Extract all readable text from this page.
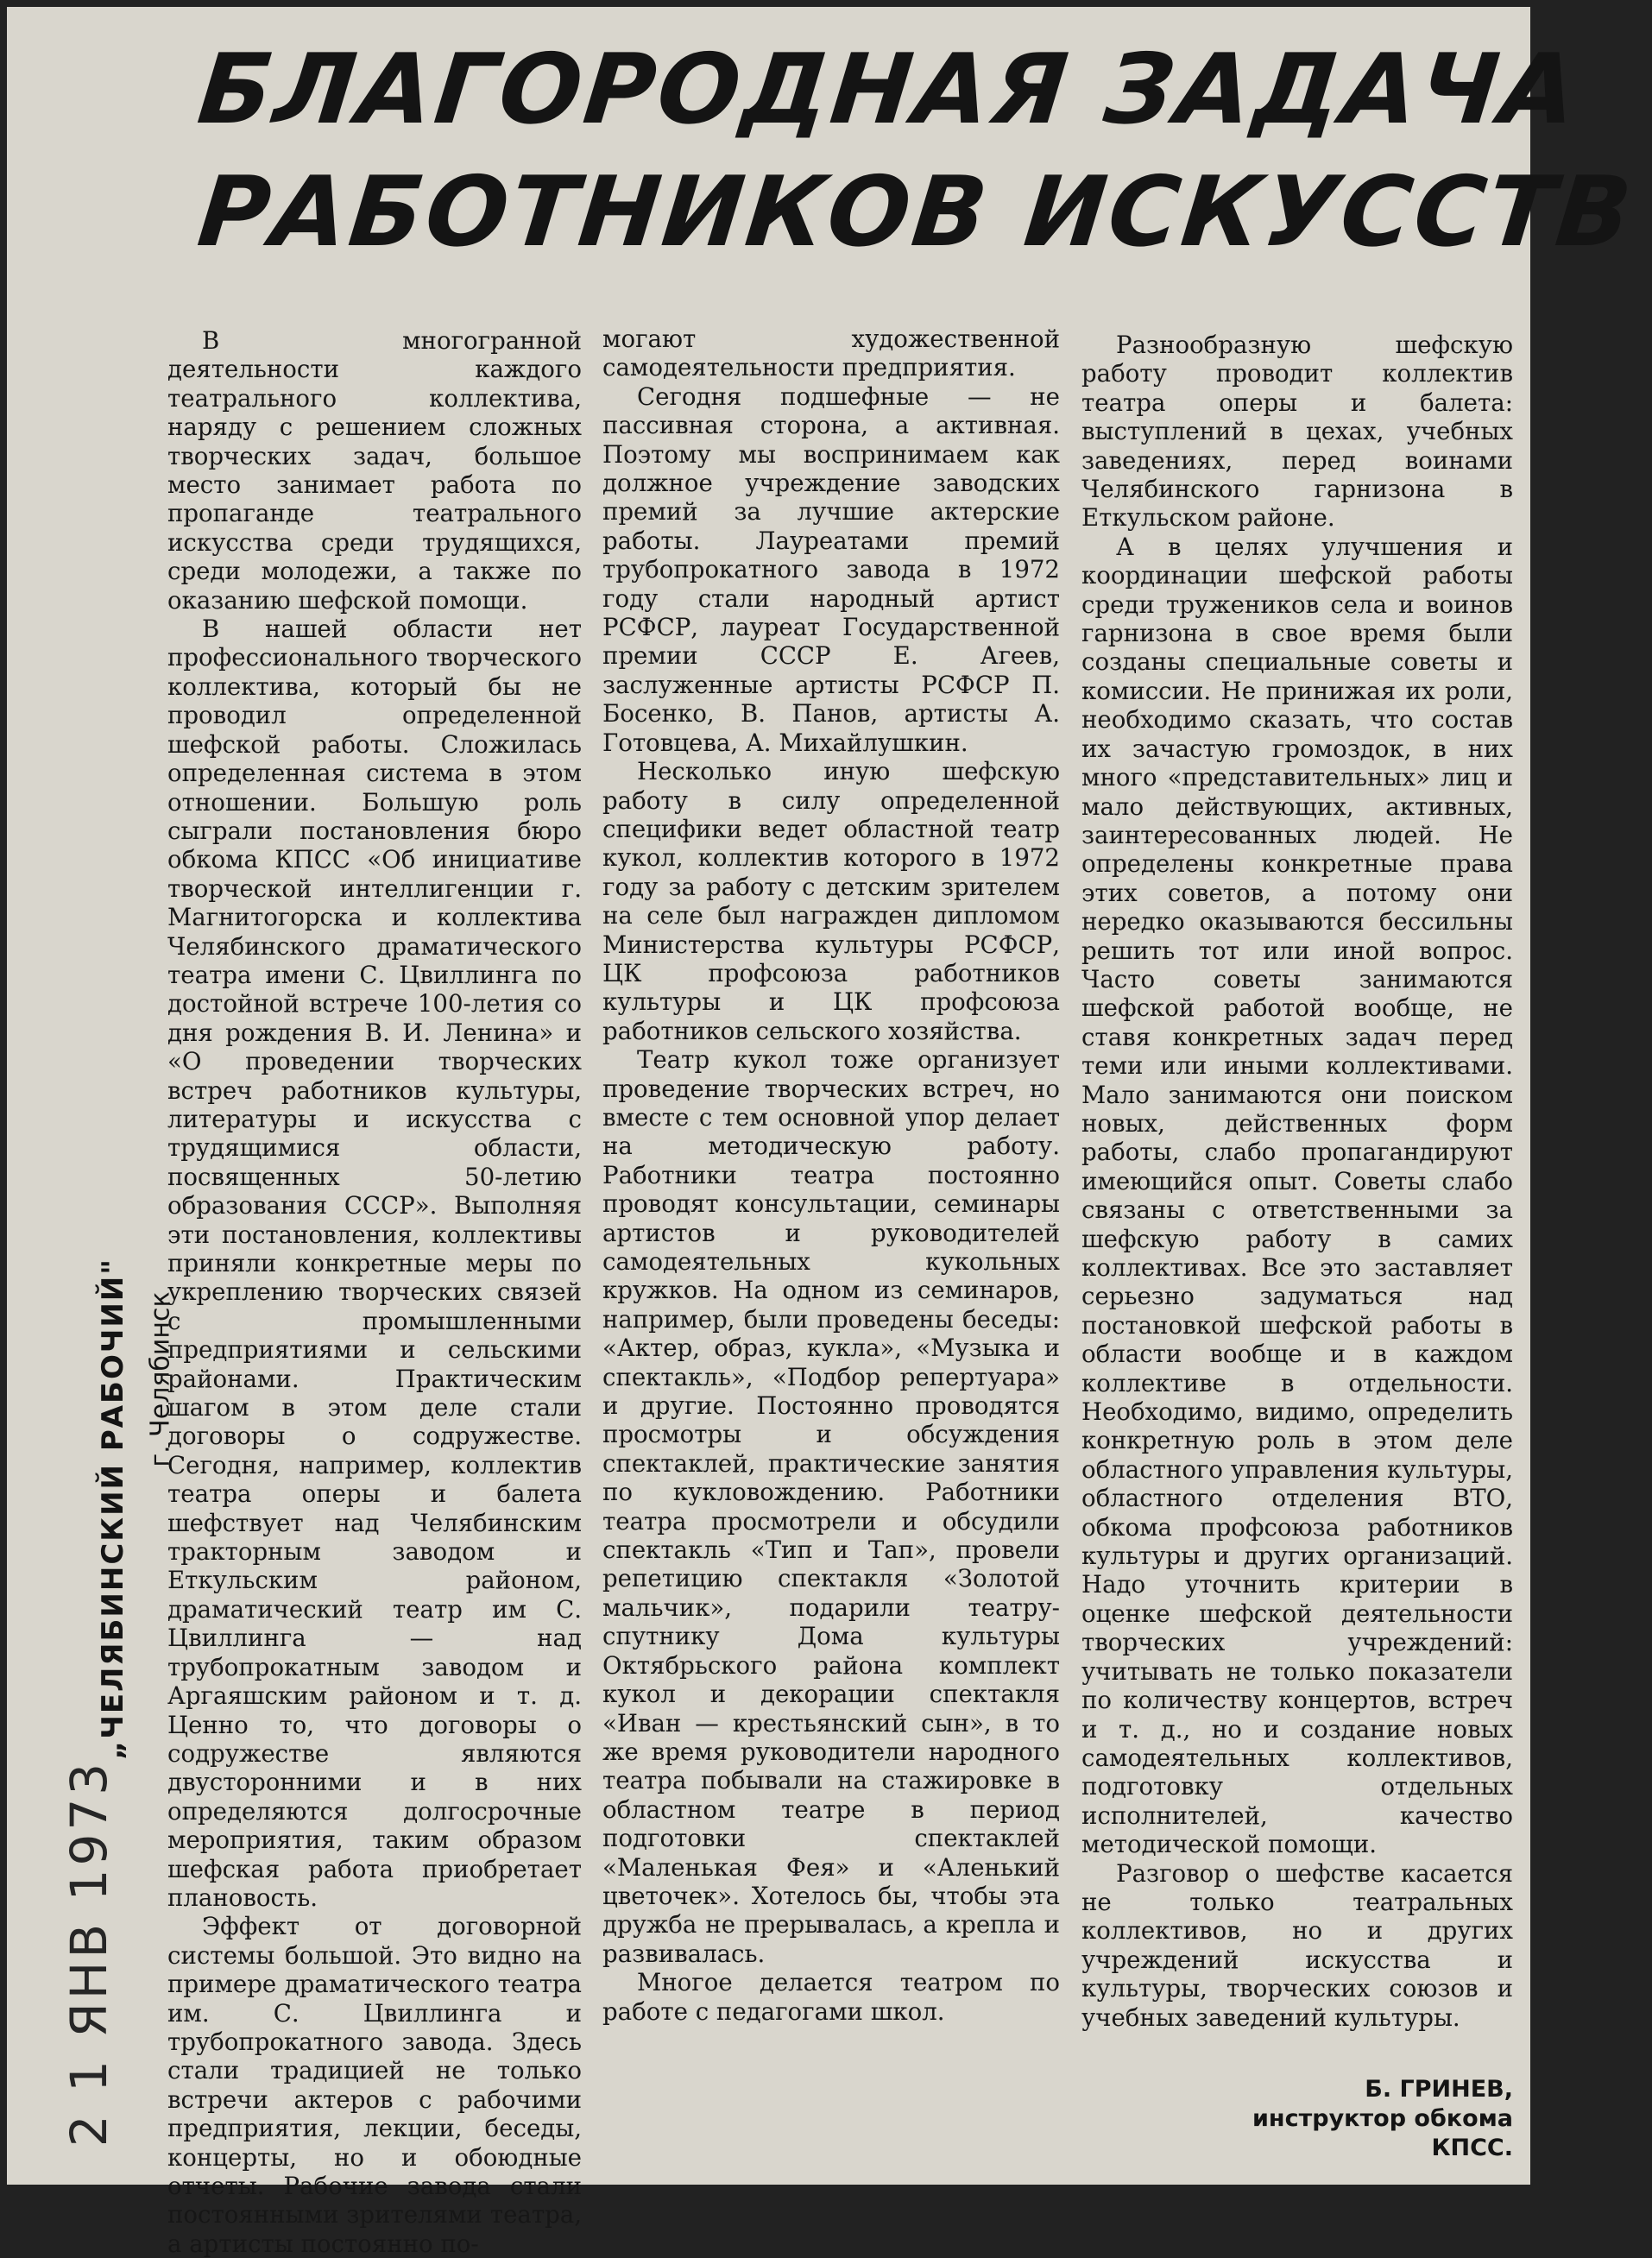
БЛАГОРОДНАЯ ЗАДАЧА
РАБОТНИКОВ ИСКУССТВ
„ЧЕЛЯБИНСКИЙ РАБОЧИЙ" г. Челябинск
2 1 ЯНВ 1973

В многогранной деятельности каждого театрального коллектива, наряду с решением сложных творческих задач, большое место занимает работа по пропаганде театрального искусства среди трудящихся, среди молодежи, а также по оказанию шефской помощи.

В нашей области нет профессионального творческого коллектива, который бы не проводил определенной шефской работы. Сложилась определенная система в этом отношении. Большую роль сыграли постановления бюро обкома КПСС «Об инициативе творческой интеллигенции г. Магнитогорска и коллектива Челябинского драматического театра имени С. Цвиллинга по достойной встрече 100-летия со дня рождения В. И. Ленина» и «О проведении творческих встреч работников культуры, литературы и искусства с трудящимися области, посвященных 50-летию образования СССР». Выполняя эти постановления, коллективы приняли конкретные меры по укреплению творческих связей с промышленными предприятиями и сельскими районами. Практическим шагом в этом деле стали договоры о содружестве. Сегодня, например, коллектив театра оперы и балета шефствует над Челябинским тракторным заводом и Еткульским районом, драматический театр им С. Цвиллинга — над трубопрокатным заводом и Аргаяшским районом и т. д. Ценно то, что договоры о содружестве являются двусторонними и в них определяются долгосрочные мероприятия, таким образом шефская работа приобретает плановость.

Эффект от договорной системы большой. Это видно на примере драматического театра им. С. Цвиллинга и трубопрокатного завода. Здесь стали традицией не только встречи актеров с рабочими предприятия, лекции, беседы, концерты, но и обоюдные отчеты. Рабочие завода стали постоянными зрителями театра, а артисты постоянно по-

могают художественной самодеятельности предприятия.

Сегодня подшефные — не пассивная сторона, а активная. Поэтому мы воспринимаем как должное учреждение заводских премий за лучшие актерские работы. Лауреатами премий трубопрокатного завода в 1972 году стали народный артист РСФСР, лауреат Государственной премии СССР Е. Агеев, заслуженные артисты РСФСР П. Босенко, В. Панов, артисты А. Готовцева, А. Михайлушкин.

Несколько иную шефскую работу в силу определенной специфики ведет областной театр кукол, коллектив которого в 1972 году за работу с детским зрителем на селе был награжден дипломом Министерства культуры РСФСР, ЦК профсоюза работников культуры и ЦК профсоюза работников сельского хозяйства.

Театр кукол тоже организует проведение творческих встреч, но вместе с тем основной упор делает на методическую работу. Работники театра постоянно проводят консультации, семинары артистов и руководителей самодеятельных кукольных кружков. На одном из семинаров, например, были проведены беседы: «Актер, образ, кукла», «Музыка и спектакль», «Подбор репертуара» и другие. Постоянно проводятся просмотры и обсуждения спектаклей, практические занятия по кукловождению. Работники театра просмотрели и обсудили спектакль «Тип и Тап», провели репетицию спектакля «Золотой мальчик», подарили театру-спутнику Дома культуры Октябрьского района комплект кукол и декорации спектакля «Иван — крестьянский сын», в то же время руководители народного театра побывали на стажировке в областном театре в период подготовки спектаклей «Маленькая Фея» и «Аленький цветочек». Хотелось бы, чтобы эта дружба не прерывалась, а крепла и развивалась.

Многое делается театром по работе с педагогами школ.

Разнообразную шефскую работу проводит коллектив театра оперы и балета: выступлений в цехах, учебных заведениях, перед воинами Челябинского гарнизона в Еткульском районе.

А в целях улучшения и координации шефской работы среди тружеников села и воинов гарнизона в свое время были созданы специальные советы и комиссии. Не принижая их роли, необходимо сказать, что состав их зачастую громоздок, в них много «представительных» лиц и мало действующих, активных, заинтересованных людей. Не определены конкретные права этих советов, а потому они нередко оказываются бессильны решить тот или иной вопрос. Часто советы занимаются шефской работой вообще, не ставя конкретных задач перед теми или иными коллективами. Мало занимаются они поиском новых, действенных форм работы, слабо пропагандируют имеющийся опыт. Советы слабо связаны с ответственными за шефскую работу в самих коллективах. Все это заставляет серьезно задуматься над постановкой шефской работы в области вообще и в каждом коллективе в отдельности. Необходимо, видимо, определить конкретную роль в этом деле областного управления культуры, областного отделения ВТО, обкома профсоюза работников культуры и других организаций. Надо уточнить критерии в оценке шефской деятельности творческих учреждений: учитывать не только показатели по количеству концертов, встреч и т. д., но и создание новых самодеятельных коллективов, подготовку отдельных исполнителей, качество методической помощи.

Разговор о шефстве касается не только театральных коллективов, но и других учреждений искусства и культуры, творческих союзов и учебных заведений культуры.

Б. ГРИНЕВ,
инструктор обкома
КПСС.
